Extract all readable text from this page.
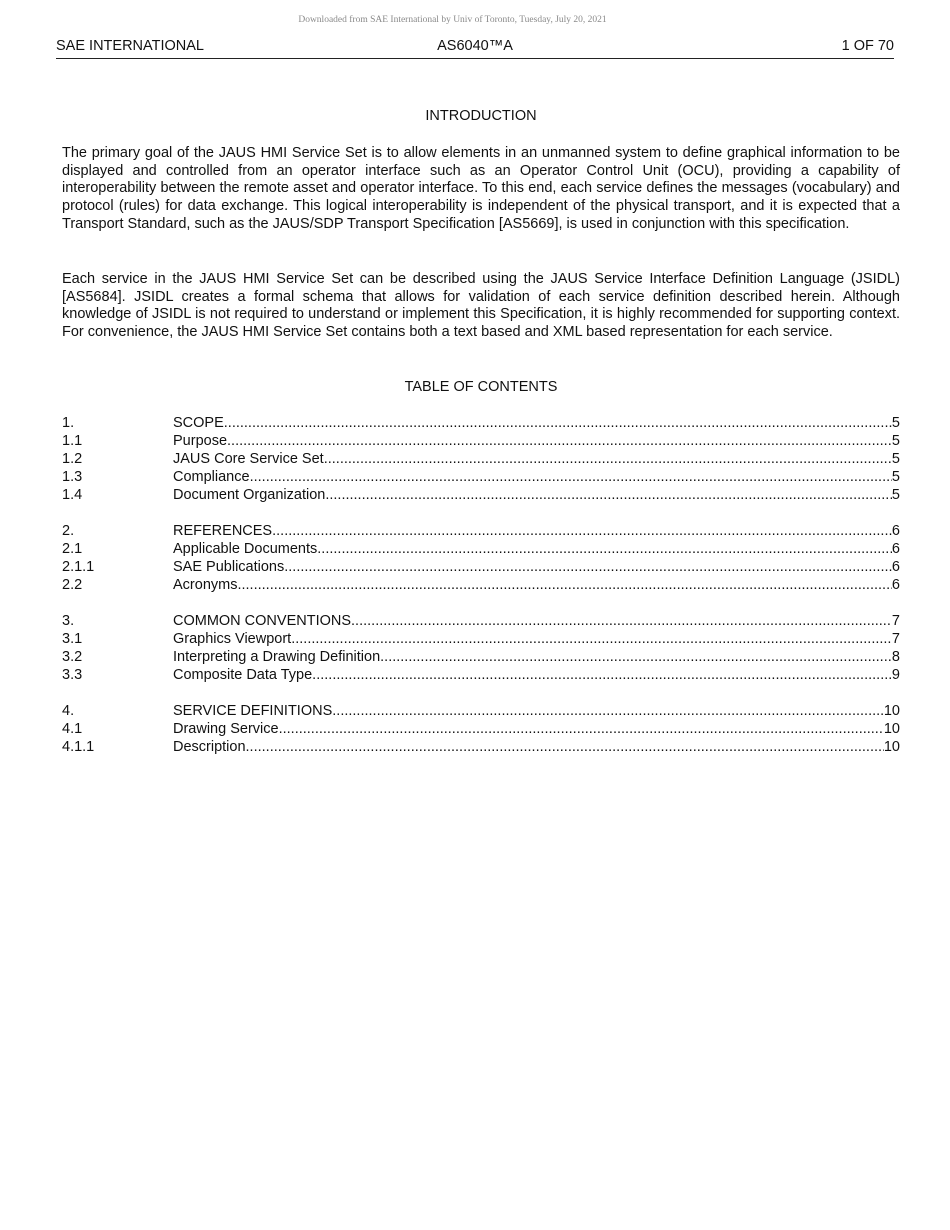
Downloaded from SAE International by Univ of Toronto, Tuesday, July 20, 2021
SAE INTERNATIONAL	AS6040™A	1 OF 70
INTRODUCTION

The primary goal of the JAUS HMI Service Set is to allow elements in an unmanned system to define graphical information to be displayed and controlled from an operator interface such as an Operator Control Unit (OCU), providing a capability of interoperability between the remote asset and operator interface. To this end, each service defines the messages (vocabulary) and protocol (rules) for data exchange. This logical interoperability is independent of the physical transport, and it is expected that a Transport Standard, such as the JAUS/SDP Transport Specification [AS5669], is used in conjunction with this specification.

Each service in the JAUS HMI Service Set can be described using the JAUS Service Interface Definition Language (JSIDL) [AS5684]. JSIDL creates a formal schema that allows for validation of each service definition described herein. Although knowledge of JSIDL is not required to understand or implement this Specification, it is highly recommended for supporting context. For convenience, the JAUS HMI Service Set contains both a text based and XML based representation for each service.

TABLE OF CONTENTS
1.	SCOPE .....	5
1.1	Purpose .....	5
1.2	JAUS Core Service Set .....	5
1.3	Compliance .....	5
1.4	Document Organization .....	5
2.	REFERENCES .....	6
2.1	Applicable Documents .....	6
2.1.1	SAE Publications .....	6
2.2	Acronyms .....	6
3.	COMMON CONVENTIONS .....	7
3.1	Graphics Viewport .....	7
3.2	Interpreting a Drawing Definition .....	8
3.3	Composite Data Type .....	9
4.	SERVICE DEFINITIONS .....	10
4.1	Drawing Service .....	10
4.1.1	Description .....	10
